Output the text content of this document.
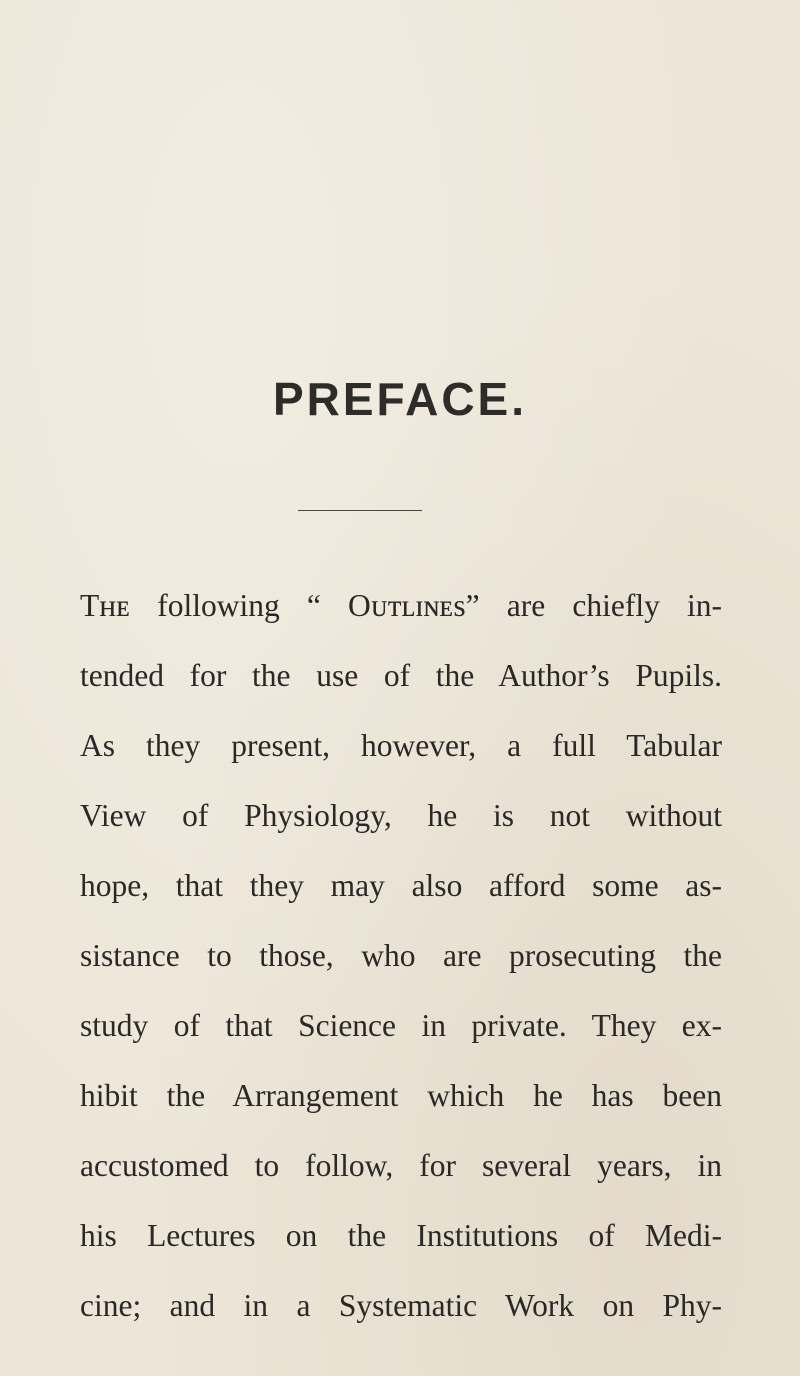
PREFACE.
Tʜᴇ following “ Oᴜᴛʟɪɴᴇs” are chiefly in-
tended for the use of the Author’s Pupils.
As they present, however, a full Tabular
View of Physiology, he is not without
hope, that they may also afford some as-
sistance to those, who are prosecuting the
study of that Science in private. They ex-
hibit the Arrangement which he has been
accustomed to follow, for several years, in
his Lectures on the Institutions of Medi-
cine; and in a Systematic Work on Phy-
